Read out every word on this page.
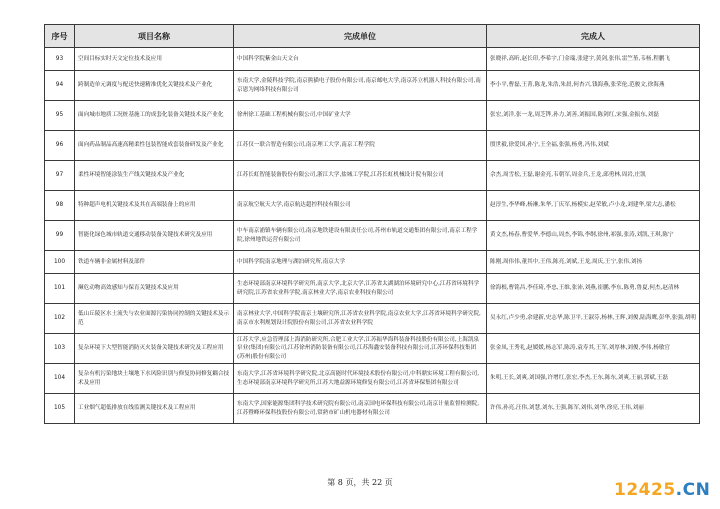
序号	项目名称	完成单位	完成人
93	空间目标实时天文定位技术及应用	中国科学院紫金山天文台	张晓祥,高昕,赵长印,李希宇,门金瑞,张建宇,黄剑,张伟,雷竺堇,韦杨,程鹏飞
94	跨制造单元调度与配送快速精准优化关键技术及产业化	东南大学,金陵科技学院,南京熊猫电子股份有限公司,南京邮电大学,南京苏立机器人科技有限公司,南京恩为网络科技有限公司	李小平,曹磊,王菁,陈龙,朱浩,朱晨,何杏兴,钱海燕,张荣伦,范骏文,徐海燕
95	面向城市地质工况桩基施工的成套化装备关键技术及产业化	徐州徐工基础工程机械有限公司,中国矿业大学	张宏,刘洋,张一龙,周芝铧,孙力,刘善,刘振国,陈剑红,宋强,金振东,刘磊
96	面向药品制品高速高精柔性包装智能成套装备研发及产业化	江苏仅一联合智造有限公司,南京理工大学,南京工程学院	殷世毅,徐爱国,孙宁,王全福,张强,杨勇,冯伟,刘斌
97	柔性环境智能涂装生产线关键技术及产业化	江苏长虹智能装备股份有限公司,浙江大学,盐城工学院,江苏长虹机械设计院有限公司	佘杰,周雪松,王磊,谢金亮,韦朝军,周金兵,王龙,邱勇林,周岩,庄凯
98	特种超声电机关键技术及其在高端装备上的应用	南京航空航天大学,南京航达超控科技有限公司	赵淳生,李华峰,杨淋,朱华,丁庆军,杨模实,赵荣敏,卢小龙,刘建华,梁大志,潘松
99	智能化绿色城市轨道交通移动装备关键技术研究及应用	中车南京浦镇车辆有限公司,南京地铁建设有限责任公司,苏州市轨道交通集团有限公司,南京工程学院,徐州地铁运营有限公司	黄文杰,杨春,曹爱华,李德山,周杰,李锦,李纲,徐州,祁强,张涛,刘凯,王琪,陈宁
100	铁道车辆非金属材料及部件	中国科学院南京地理与湖泊研究所,南京大学	陈刚,周伟伟,董其中,王伟,陈亮,刘斌,王龙,周庆,王宁,张伟,刘扬
101	濒危动物高效感知与保育关键技术及应用	生态环境部南京环境科学研究所,南京大学,北京大学,江苏省太湖湖泊环境研究中心,江苏省环境科学研究院,江苏省农业科学院,南京林业大学,南京农业科技有限公司	徐海根,曹铭昌,李佳琦,李忠,王维,张沛,刘燕,崔鹏,李东,陈勇,鲁夏,何杰,赵清林
102	低山丘陵区水土流失与农业面源污染协同控制的关键技术及示范	南京林业大学,中国科学院南京土壤研究所,江苏省农业科学院,南京农业大学,江苏省环境科学研究院,南京市水利规划设计院股份有限公司,江苏省农业科学院	吴永红,卢少勇,余建新,史志华,陈卫平,王淑芬,杨林,王辉,刘俊,陆海鹰,彭华,张强,胡明
103	复杂环境下大型智能消防灭火装备关键技术研究及工程应用	江苏大学,应急管理部上海消防研究所,合肥工业大学,江苏振华海科装备科技股份有限公司,上海凯泉泵业(集团)有限公司,江苏徐州消防装备有限公司,江苏海鑫安装备科技有限公司,江苏环保科技集团(苏州)股份有限公司	张金凤,王秀礼,赵媛媛,杨志军,陈涛,袁寿其,王军,刘厚林,刘俊,李伟,杨敏官
104	复杂有机污染地块土壤地下水风险识别与修复协同修复耦合技术及应用	东南大学,江苏省环境科学研究院,北京高能时代环境技术股份有限公司,中科鼎实环境工程有限公司,生态环境部南京环境科学研究所,江苏大地益源环境修复有限公司,江苏省环保集团有限公司	朱明,王长,刘爽,刘国强,许增红,张宏,李杰,王东,陈东,刘爽,王丽,郭斌,王磊
105	工业烟气超低排放在线监测关键技术及工程应用	东南大学,国家能源集团科学技术研究院有限公司,南京国电环保科技有限公司,南京计量监督检测院,江苏暨峰环保科技股份有限公司,常熟市矿山机电器材有限公司	许伟,孙亮,汪伟,刘慧,刘东,王强,陈军,刘伟,刘华,徐亮,王伟,刘丽
第 8 页，共 22 页	12425.CN
